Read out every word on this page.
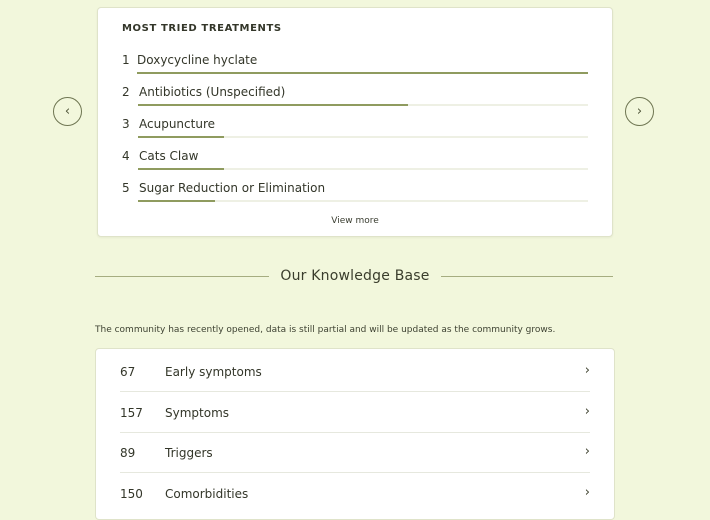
‹	›
MOST TRIED TREATMENTS
1 Doxycycline hyclate
2 Antibiotics (Unspecified)
3 Acupuncture
4 Cats Claw
5 Sugar Reduction or Elimination
View more
Our Knowledge Base
The community has recently opened, data is still partial and will be updated as the community grows.
67 Early symptoms	›
157 Symptoms	›
89 Triggers	›
150 Comorbidities	›
